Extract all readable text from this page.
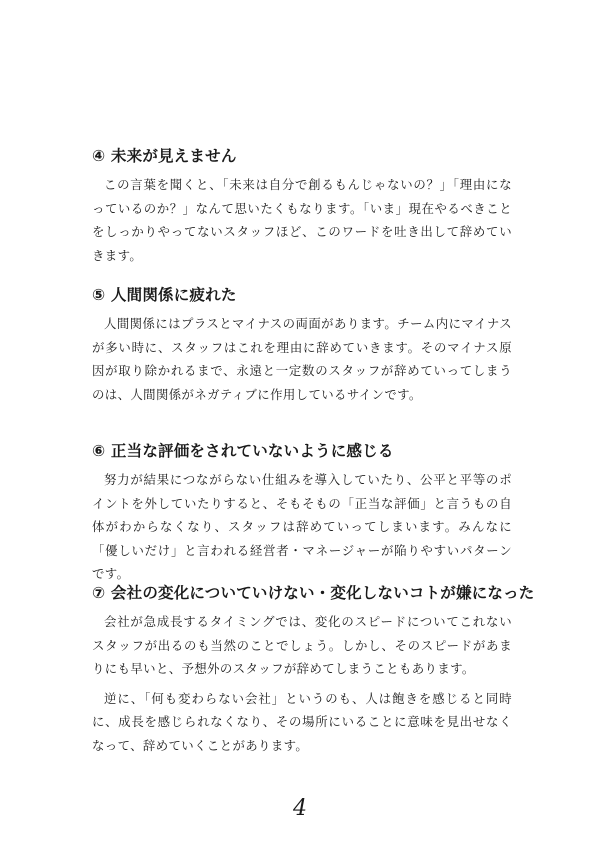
④ 未来が見えません

この言葉を聞くと、「未来は自分で創るもんじゃないの？」「理由になっているのか？」なんて思いたくもなります。「いま」現在やるべきことをしっかりやってないスタッフほど、このワードを吐き出して辞めていきます。

⑤ 人間関係に疲れた

人間関係にはプラスとマイナスの両面があります。チーム内にマイナスが多い時に、スタッフはこれを理由に辞めていきます。そのマイナス原因が取り除かれるまで、永遠と一定数のスタッフが辞めていってしまうのは、人間関係がネガティブに作用しているサインです。

⑥ 正当な評価をされていないように感じる

努力が結果につながらない仕組みを導入していたり、公平と平等のポイントを外していたりすると、そもそもの「正当な評価」と言うもの自体がわからなくなり、スタッフは辞めていってしまいます。みんなに「優しいだけ」と言われる経営者・マネージャーが陥りやすいパターンです。

⑦ 会社の変化についていけない・変化しないコトが嫌になった

会社が急成長するタイミングでは、変化のスピードについてこれないスタッフが出るのも当然のことでしょう。しかし、そのスピードがあまりにも早いと、予想外のスタッフが辞めてしまうこともあります。

逆に、「何も変わらない会社」というのも、人は飽きを感じると同時に、成長を感じられなくなり、その場所にいることに意味を見出せなくなって、辞めていくことがあります。

4
